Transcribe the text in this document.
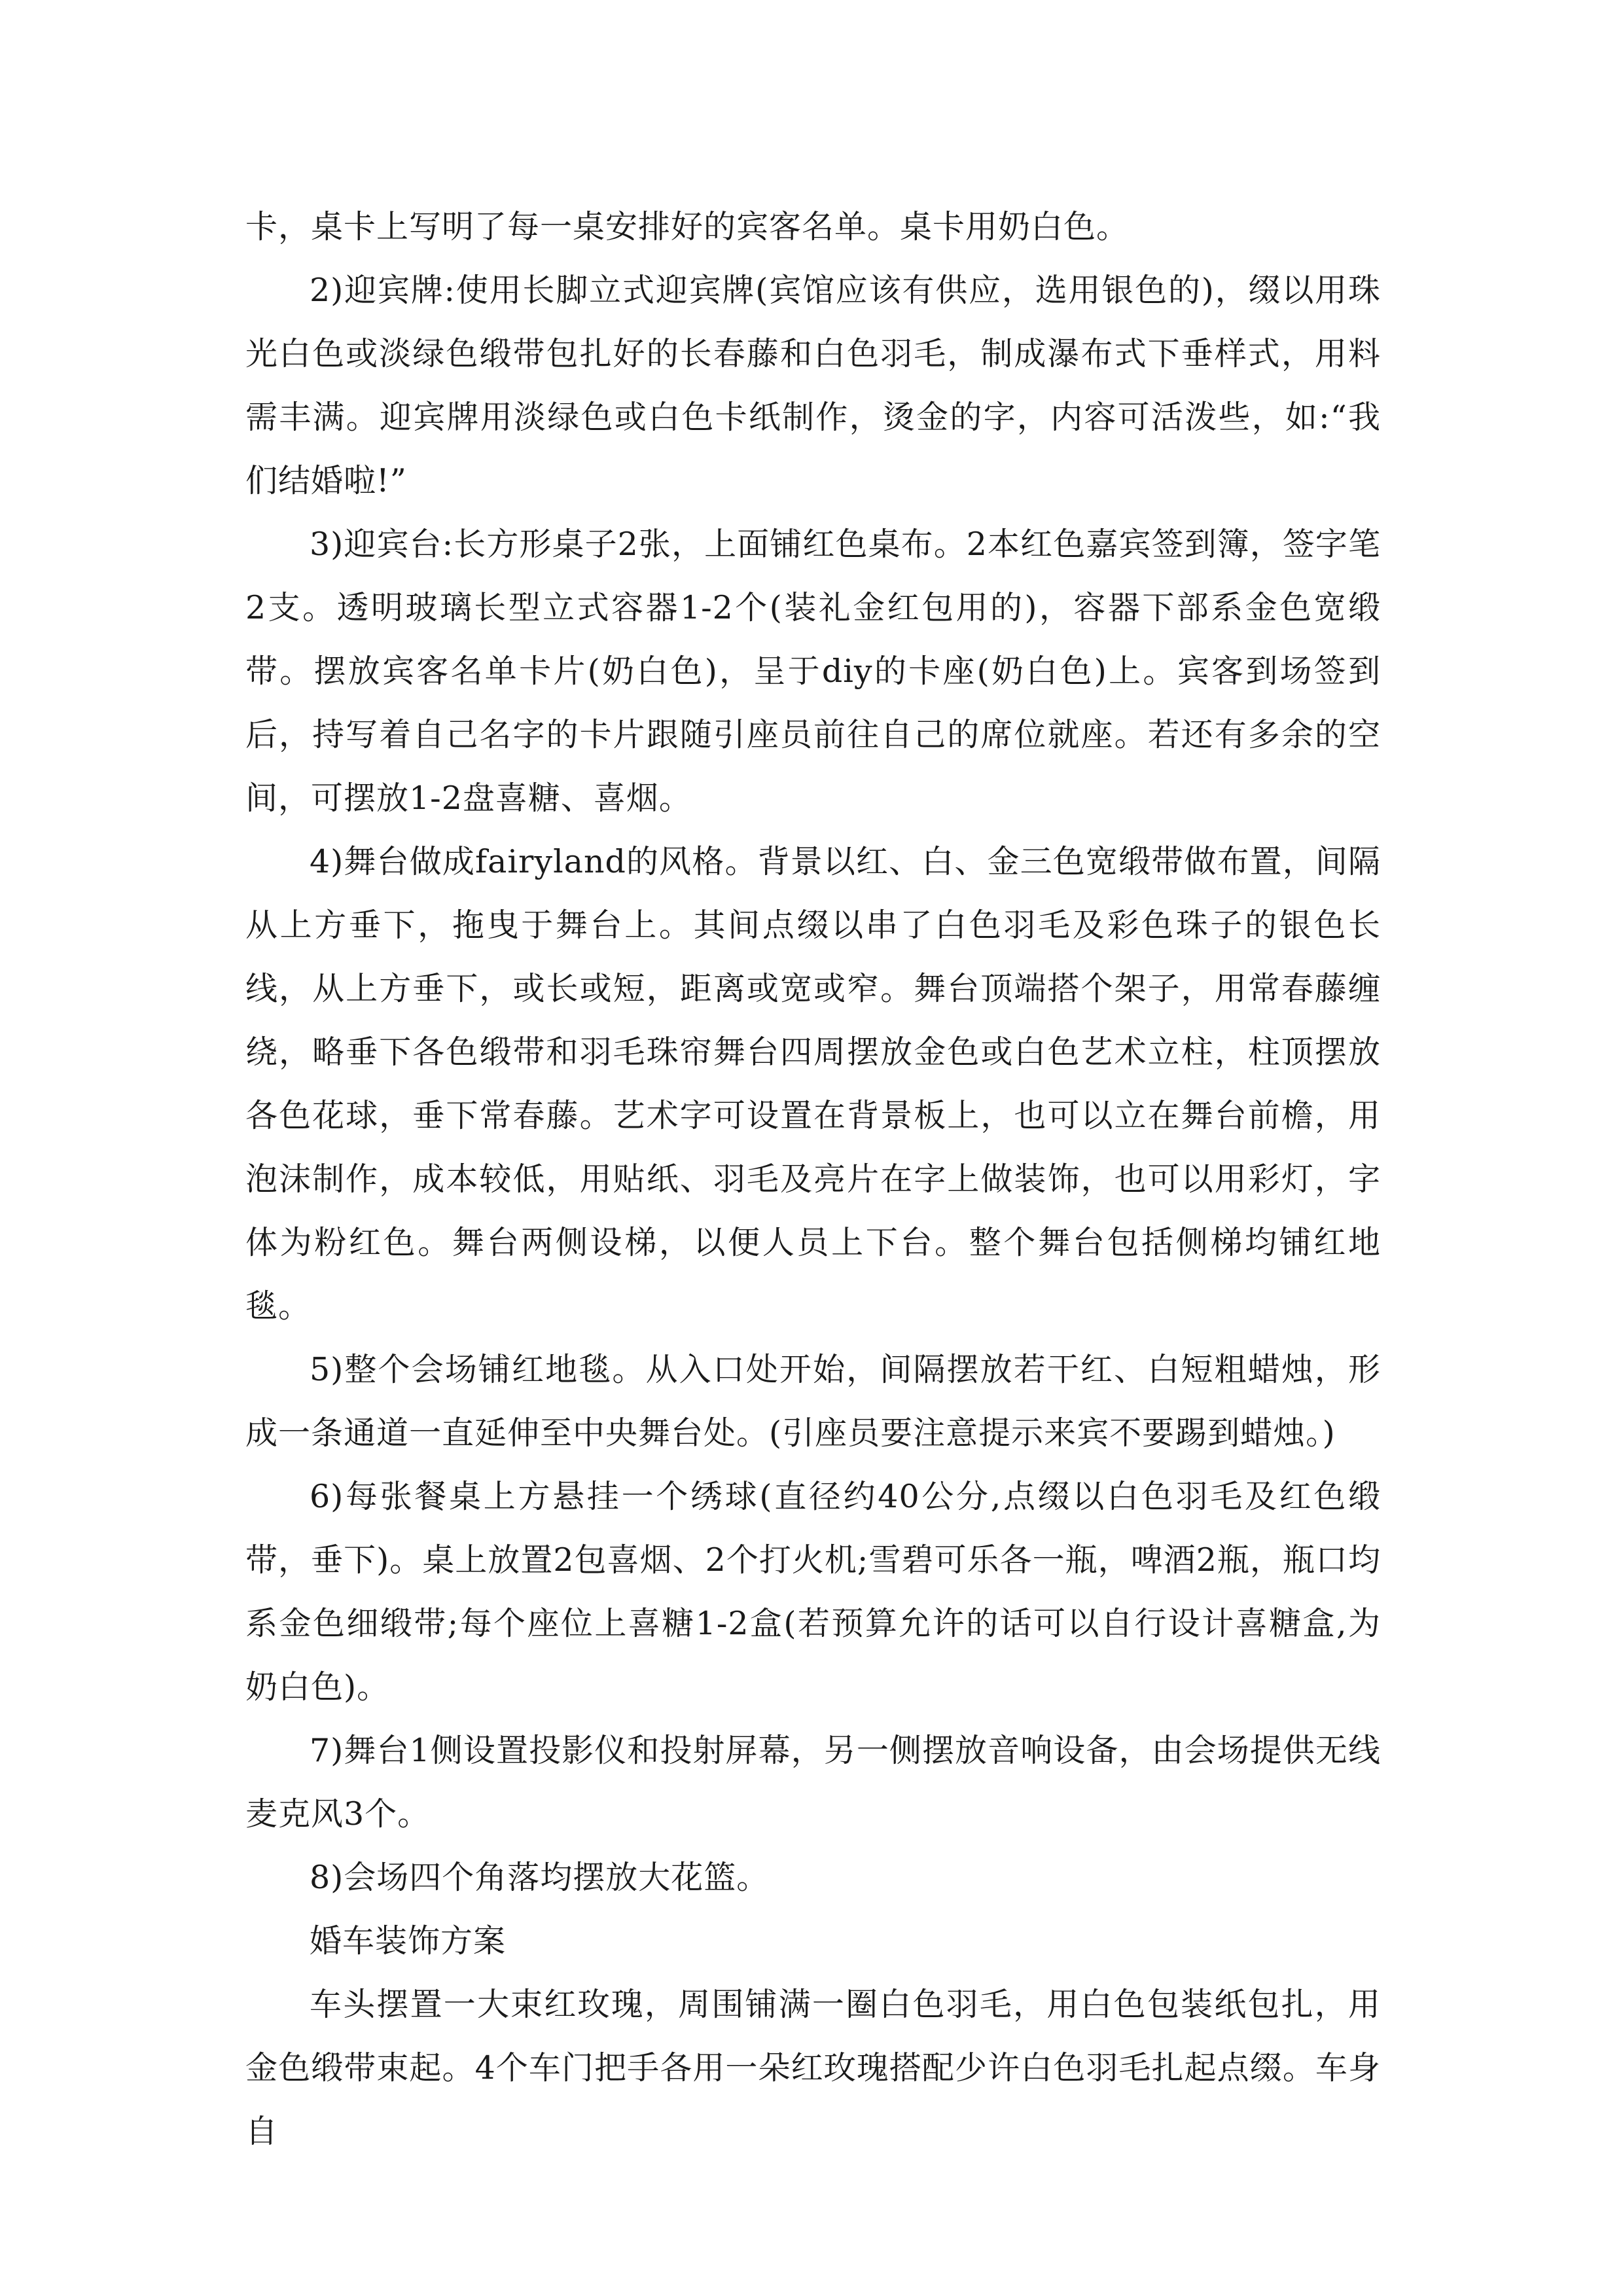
卡，桌卡上写明了每一桌安排好的宾客名单。桌卡用奶白色。

2)迎宾牌:使用长脚立式迎宾牌(宾馆应该有供应，选用银色的)，缀以用珠光白色或淡绿色缎带包扎好的长春藤和白色羽毛，制成瀑布式下垂样式，用料需丰满。迎宾牌用淡绿色或白色卡纸制作，烫金的字，内容可活泼些，如:“我们结婚啦!”

3)迎宾台:长方形桌子2张，上面铺红色桌布。2本红色嘉宾签到簿，签字笔2支。透明玻璃长型立式容器1-2个(装礼金红包用的)，容器下部系金色宽缎带。摆放宾客名单卡片(奶白色)，呈于diy的卡座(奶白色)上。宾客到场签到后，持写着自己名字的卡片跟随引座员前往自己的席位就座。若还有多余的空间，可摆放1-2盘喜糖、喜烟。

4)舞台做成fairyland的风格。背景以红、白、金三色宽缎带做布置，间隔从上方垂下，拖曳于舞台上。其间点缀以串了白色羽毛及彩色珠子的银色长线，从上方垂下，或长或短，距离或宽或窄。舞台顶端搭个架子，用常春藤缠绕，略垂下各色缎带和羽毛珠帘舞台四周摆放金色或白色艺术立柱，柱顶摆放各色花球，垂下常春藤。艺术字可设置在背景板上，也可以立在舞台前檐，用泡沫制作，成本较低，用贴纸、羽毛及亮片在字上做装饰，也可以用彩灯，字体为粉红色。舞台两侧设梯，以便人员上下台。整个舞台包括侧梯均铺红地毯。

5)整个会场铺红地毯。从入口处开始，间隔摆放若干红、白短粗蜡烛，形成一条通道一直延伸至中央舞台处。(引座员要注意提示来宾不要踢到蜡烛。)

6)每张餐桌上方悬挂一个绣球(直径约40公分,点缀以白色羽毛及红色缎带，垂下)。桌上放置2包喜烟、2个打火机;雪碧可乐各一瓶，啤酒2瓶，瓶口均系金色细缎带;每个座位上喜糖1-2盒(若预算允许的话可以自行设计喜糖盒,为奶白色)。

7)舞台1侧设置投影仪和投射屏幕，另一侧摆放音响设备，由会场提供无线麦克风3个。

8)会场四个角落均摆放大花篮。

婚车装饰方案

车头摆置一大束红玫瑰，周围铺满一圈白色羽毛，用白色包装纸包扎，用金色缎带束起。4个车门把手各用一朵红玫瑰搭配少许白色羽毛扎起点缀。车身自
